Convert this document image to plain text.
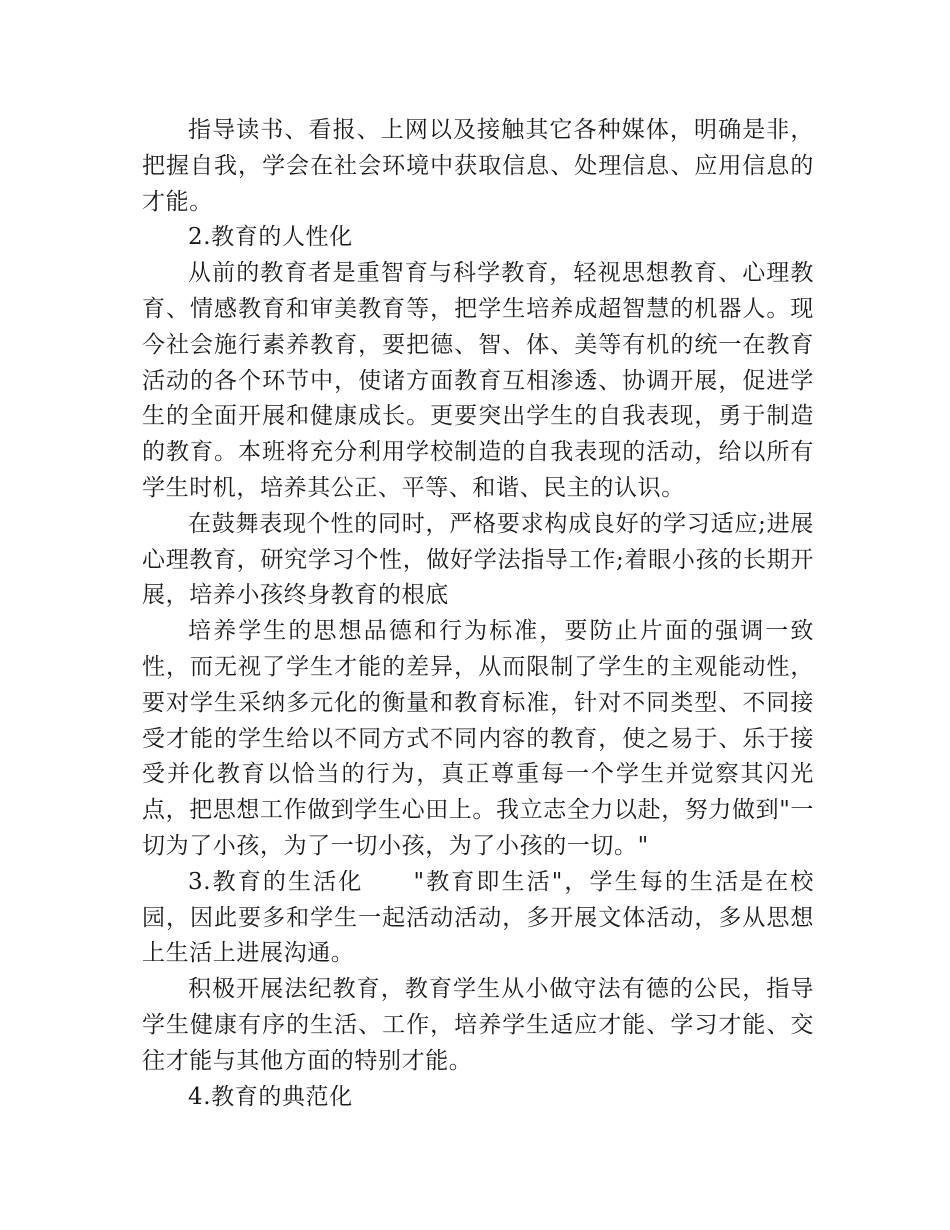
指导读书、看报、上网以及接触其它各种媒体，明确是非，把握自我，学会在社会环境中获取信息、处理信息、应用信息的才能。

2.教育的人性化

从前的教育者是重智育与科学教育，轻视思想教育、心理教育、情感教育和审美教育等，把学生培养成超智慧的机器人。现今社会施行素养教育，要把德、智、体、美等有机的统一在教育活动的各个环节中，使诸方面教育互相渗透、协调开展，促进学生的全面开展和健康成长。更要突出学生的自我表现，勇于制造的教育。本班将充分利用学校制造的自我表现的活动，给以所有学生时机，培养其公正、平等、和谐、民主的认识。

在鼓舞表现个性的同时，严格要求构成良好的学习适应;进展心理教育，研究学习个性，做好学法指导工作;着眼小孩的长期开展，培养小孩终身教育的根底

培养学生的思想品德和行为标准，要防止片面的强调一致性，而无视了学生才能的差异，从而限制了学生的主观能动性，要对学生采纳多元化的衡量和教育标准，针对不同类型、不同接受才能的学生给以不同方式不同内容的教育，使之易于、乐于接受并化教育以恰当的行为，真正尊重每一个学生并觉察其闪光点，把思想工作做到学生心田上。我立志全力以赴，努力做到"一切为了小孩，为了一切小孩，为了小孩的一切。"

3.教育的生活化　　"教育即生活"，学生每的生活是在校园，因此要多和学生一起活动活动，多开展文体活动，多从思想上生活上进展沟通。

积极开展法纪教育，教育学生从小做守法有德的公民，指导学生健康有序的生活、工作，培养学生适应才能、学习才能、交往才能与其他方面的特别才能。

4.教育的典范化
